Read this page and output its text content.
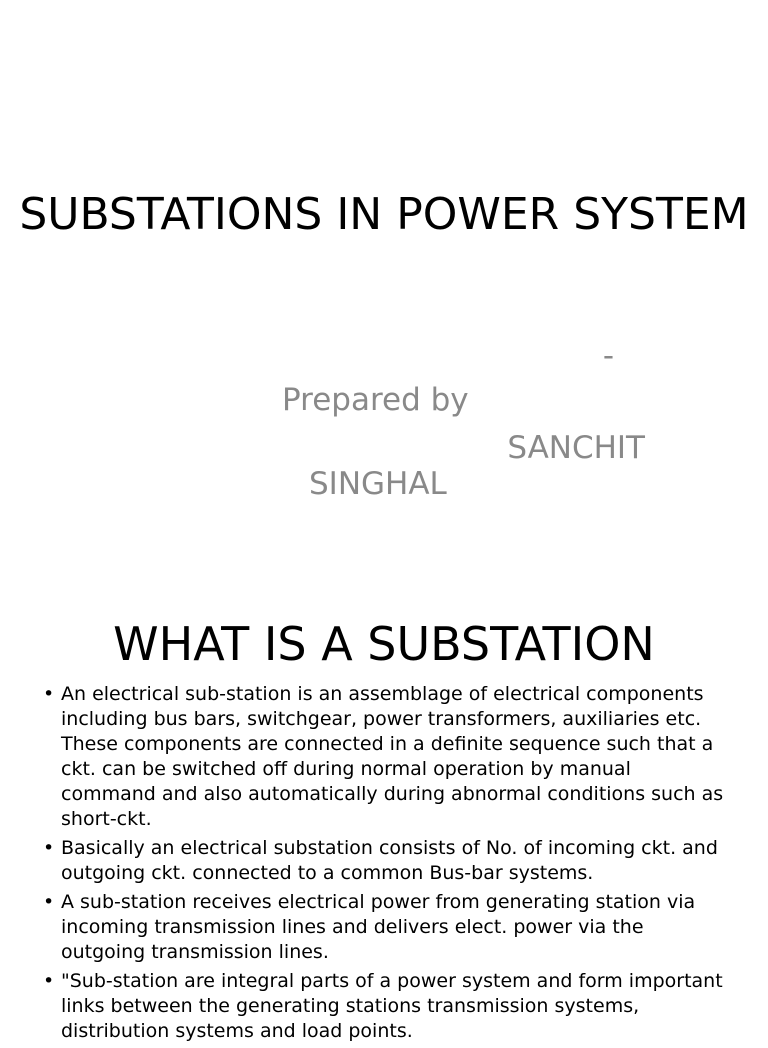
SUBSTATIONS IN POWER SYSTEM
-
Prepared by
SANCHIT
SINGHAL
WHAT IS A SUBSTATION
• An electrical sub-station is an assemblage of electrical components including bus bars, switchgear, power transformers, auxiliaries etc. These components are connected in a definite sequence such that a ckt. can be switched off during normal operation by manual command and also automatically during abnormal conditions such as short-ckt.
• Basically an electrical substation consists of No. of incoming ckt. and outgoing ckt. connected to a common Bus-bar systems.
• A sub-station receives electrical power from generating station via incoming transmission lines and delivers elect. power via the outgoing transmission lines.
• "Sub-station are integral parts of a power system and form important links between the generating stations transmission systems, distribution systems and load points.
